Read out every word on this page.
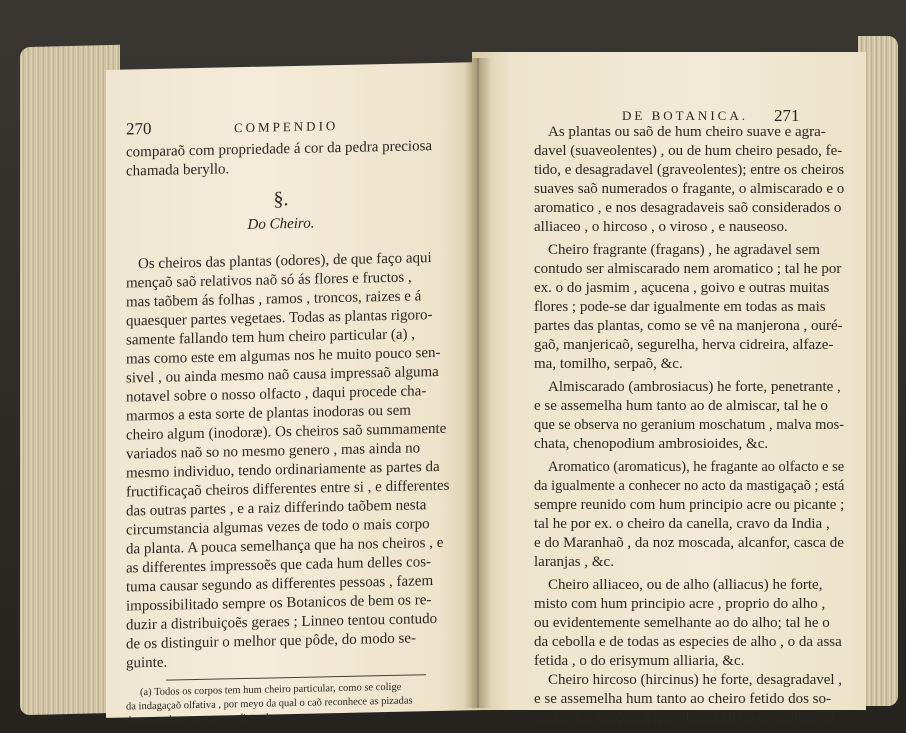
270	COMPENDIO
comparaõ com propriedade á cor da pedra preciosa
chamada beryllo.
§.
Do Cheiro.
Os cheiros das plantas (odores), de que faço aqui
mençaõ saõ relativos naõ só ás flores e fructos ,
mas taõbem ás folhas , ramos , troncos, raizes e á
quaesquer partes vegetaes. Todas as plantas rigoro-
samente fallando tem hum cheiro particular (a) ,
mas como este em algumas nos he muito pouco sen-
sivel , ou ainda mesmo naõ causa impressaõ alguma
notavel sobre o nosso olfacto , daqui procede cha-
marmos a esta sorte de plantas inodoras ou sem
cheiro algum (inodoræ). Os cheiros saõ summamente
variados naõ so no mesmo genero , mas ainda no
mesmo individuo, tendo ordinariamente as partes da
fructificaçaõ cheiros differentes entre si , e differentes
das outras partes , e a raiz differindo taõbem nesta
circumstancia algumas vezes de todo o mais corpo
da planta. A pouca semelhança que ha nos cheiros , e
as differentes impressoẽs que cada hum delles cos-
tuma causar segundo as differentes pessoas , fazem
impossibilitado sempre os Botanicos de bem os re-
duzir a distribuiçoẽs geraes ; Linneo tentou contudo
de os distinguir o melhor que pôde, do modo se-
guinte.
(a) Todos os corpos tem hum cheiro particular, como se colige
da indagaçaõ olfativa , por meyo da qual o caõ reconhece as pizadas
de seu senhor , e o vay em fim achar.
DE BOTANICA. 271
As plantas ou saõ de hum cheiro suave e agra-
davel (suaveolentes) , ou de hum cheiro pesado, fe-
tido, e desagradavel (graveolentes); entre os cheiros
suaves saõ numerados o fragante, o almiscarado e o
aromatico , e nos desagradaveis saõ considerados o
alliaceo , o hircoso , o viroso , e nauseoso.
Cheiro fragrante (fragans) , he agradavel sem
contudo ser almiscarado nem aromatico ; tal he por
ex. o do jasmim , açucena , goivo e outras muitas
flores ; pode-se dar igualmente em todas as mais
partes das plantas, como se vê na manjerona , ouré-
gaõ, manjericaõ, segurelha, herva cidreira, alfaze-
ma, tomilho, serpaõ, &c.
Almiscarado (ambrosiacus) he forte, penetrante ,
e se assemelha hum tanto ao de almiscar, tal he o
que se observa no geranium moschatum , malva mos-
chata, chenopodium ambrosioides, &c.
Aromatico (aromaticus), he fragante ao olfacto e se
da igualmente a conhecer no acto da mastigaçaõ ; está
sempre reunido com hum principio acre ou picante ;
tal he por ex. o cheiro da canella, cravo da India ,
e do Maranhaõ , da noz moscada, alcanfor, casca de
laranjas , &c.
Cheiro alliaceo, ou de alho (alliacus) he forte,
misto com hum principio acre , proprio do alho ,
ou evidentemente semelhante ao do alho; tal he o
da cebolla e de todas as especies de alho , o da assa
fetida , o do erisymum alliaria, &c.
Cheiro hircoso (hircinus) he forte, desagradavel ,
e se assemelha hum tanto ao cheiro fetido dos so-
vacos dos braços, a que alguns chamaõ catinga ou
